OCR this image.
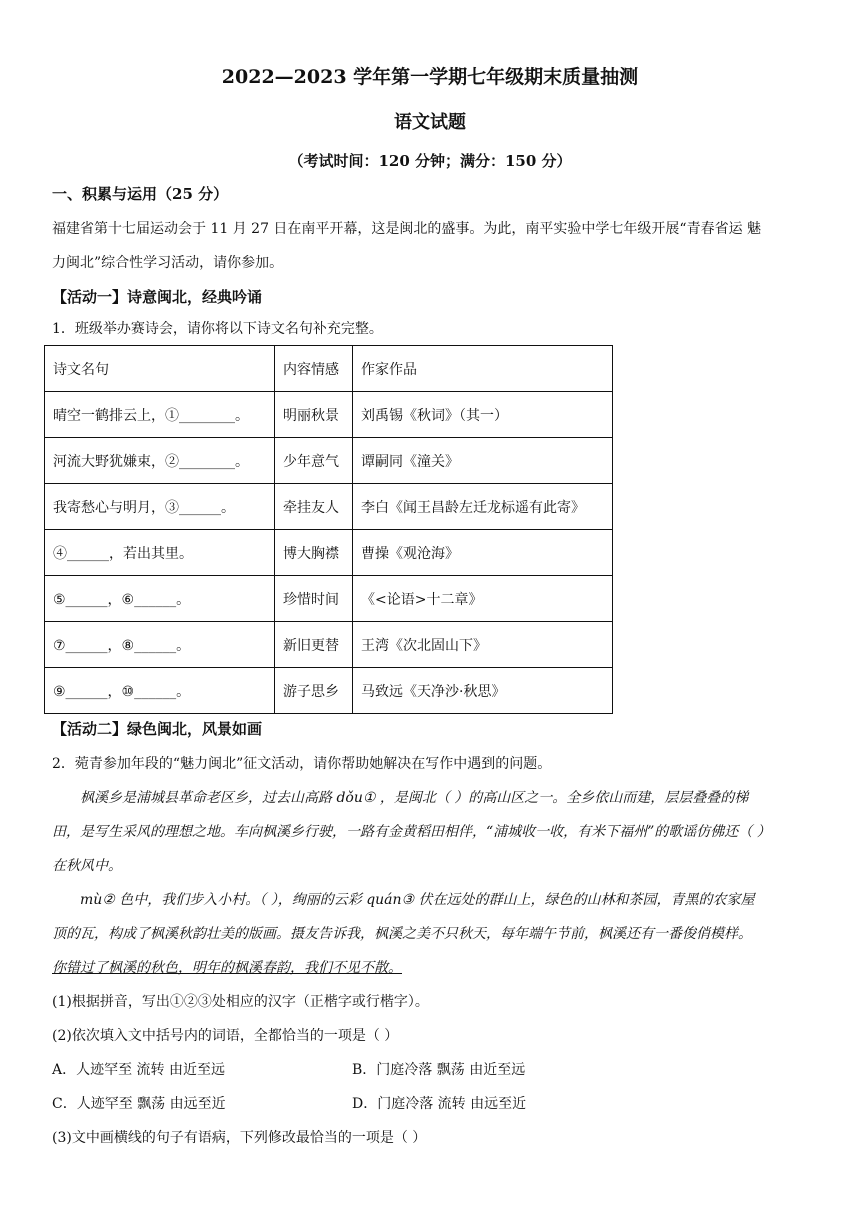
2022—2023 学年第一学期七年级期末质量抽测
语文试题
（考试时间：120 分钟；满分：150 分）
一、积累与运用（25 分）
福建省第十七届运动会于 11 月 27 日在南平开幕，这是闽北的盛事。为此，南平实验中学七年级开展“青春省运 魅
力闽北”综合性学习活动，请你参加。
【活动一】诗意闽北，经典吟诵
1．班级举办赛诗会，请你将以下诗文名句补充完整。
诗文名句	内容情感	作家作品
晴空一鹤排云上，①________。	明丽秋景	刘禹锡《秋词》（其一）
河流大野犹嫌束，②________。	少年意气	谭嗣同《潼关》
我寄愁心与明月，③______。	牵挂友人	李白《闻王昌龄左迁龙标遥有此寄》
④______，若出其里。	博大胸襟	曹操《观沧海》
⑤______，⑥______。	珍惜时间	《<论语>十二章》
⑦______，⑧______。	新旧更替	王湾《次北固山下》
⑨______，⑩______。	游子思乡	马致远《天净沙·秋思》
【活动二】绿色闽北，风景如画
2．菀青参加年段的“魅力闽北”征文活动，请你帮助她解决在写作中遇到的问题。
枫溪乡是浦城县革命老区乡，过去山高路 dǒu① ，是闽北（ ）的高山区之一。全乡依山而建，层层叠叠的梯
田，是写生采风的理想之地。车向枫溪乡行驶，一路有金黄稻田相伴，“浦城收一收，有米下福州”的歌谣仿佛还（ ）
在秋风中。
mù② 色中，我们步入小村。（ ），绚丽的云彩 quán③ 伏在远处的群山上，绿色的山林和茶园，青黑的农家屋
顶的瓦，构成了枫溪秋韵壮美的版画。摄友告诉我，枫溪之美不只秋天，每年端午节前，枫溪还有一番俊俏模样。
你错过了枫溪的秋色，明年的枫溪春韵，我们不见不散。
(1)根据拼音，写出①②③处相应的汉字（正楷字或行楷字）。
(2)依次填入文中括号内的词语，全都恰当的一项是（ ）
A．人迹罕至 流转 由近至远	B．门庭冷落 飘荡 由近至远
C．人迹罕至 飘荡 由远至近	D．门庭冷落 流转 由远至近
(3)文中画横线的句子有语病，下列修改最恰当的一项是（ ）
